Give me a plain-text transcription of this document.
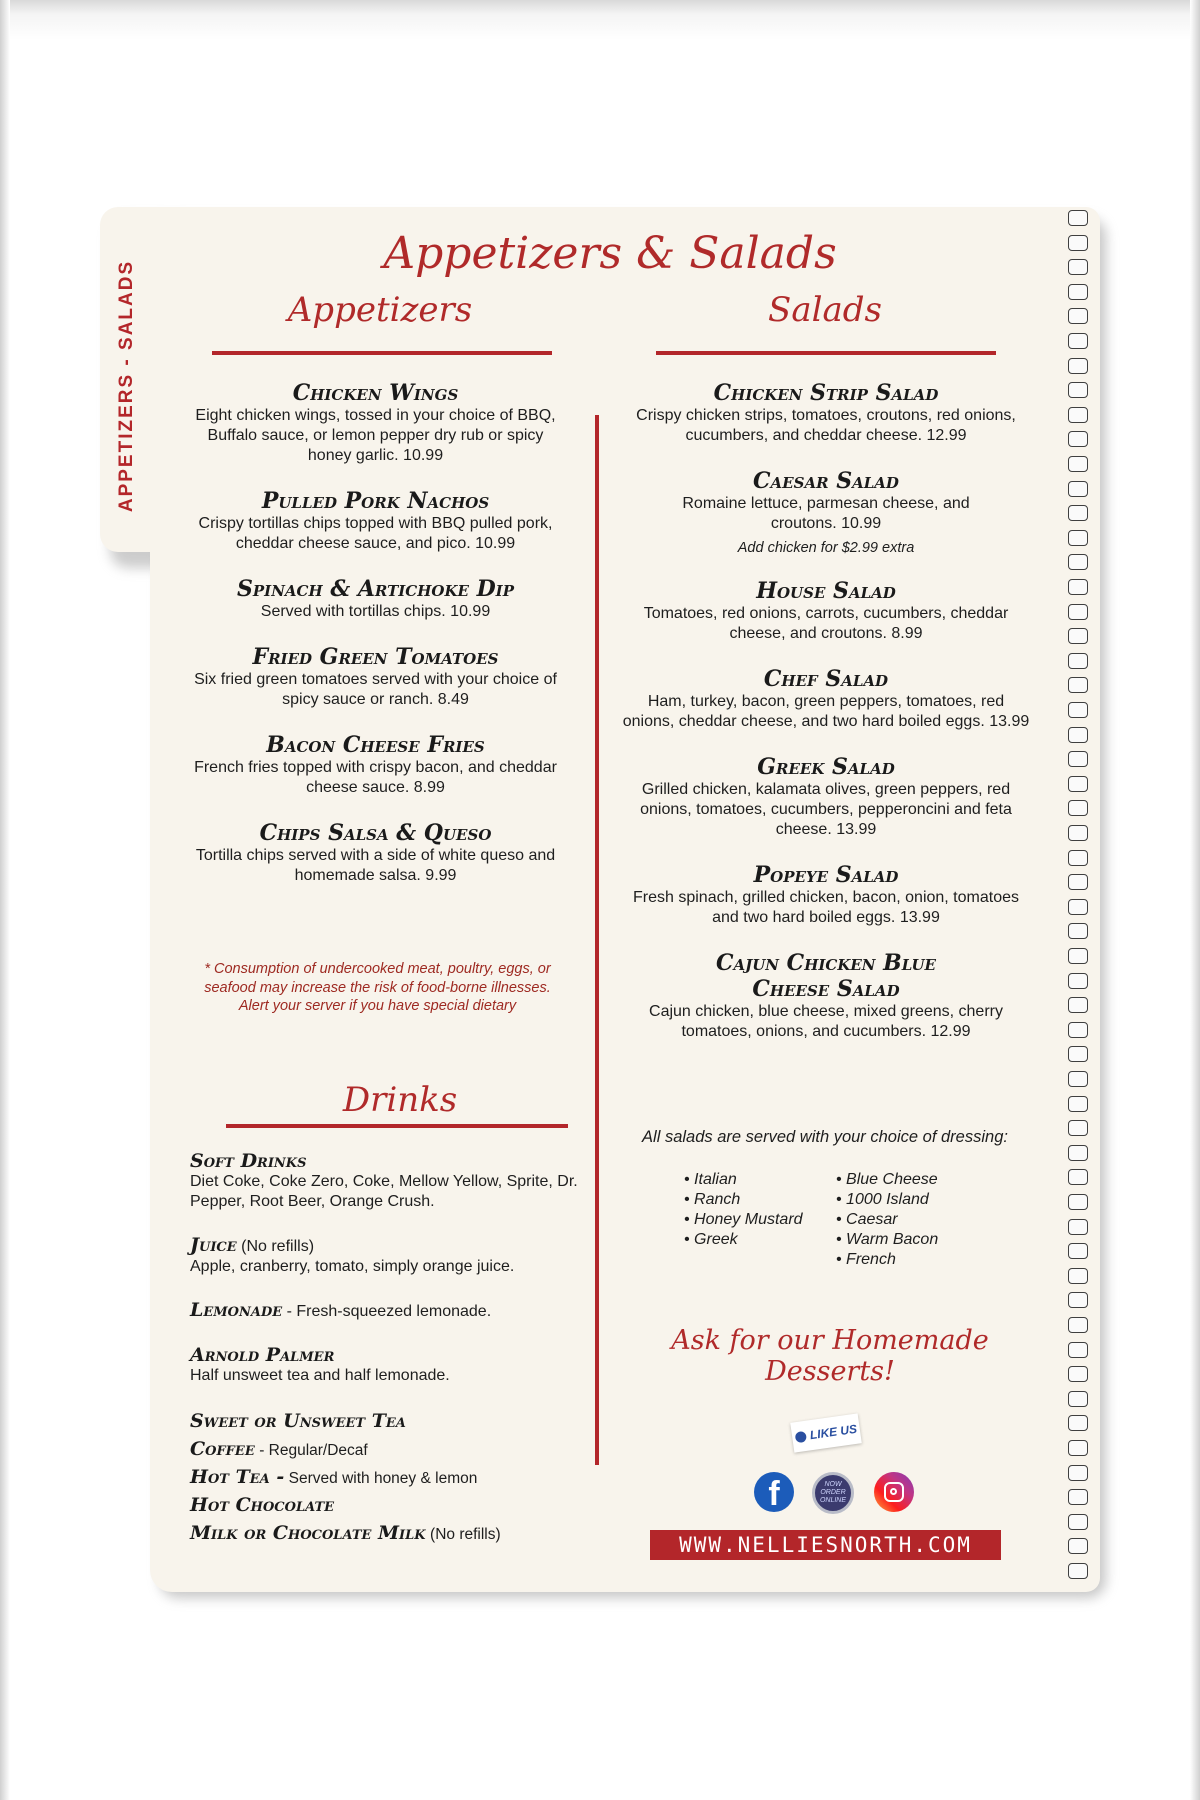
APPETIZERS - SALADS
Appetizers & Salads
Appetizers	Salads
Chicken Wings
Eight chicken wings, tossed in your choice of BBQ, Buffalo sauce, or lemon pepper dry rub or spicy honey garlic. 10.99
Pulled Pork Nachos
Crispy tortillas chips topped with BBQ pulled pork, cheddar cheese sauce, and pico. 10.99
Spinach & Artichoke Dip
Served with tortillas chips. 10.99
Fried Green Tomatoes
Six fried green tomatoes served with your choice of spicy sauce or ranch. 8.49
Bacon Cheese Fries
French fries topped with crispy bacon, and cheddar cheese sauce. 8.99
Chips Salsa & Queso
Tortilla chips served with a side of white queso and homemade salsa. 9.99
* Consumption of undercooked meat, poultry, eggs, or seafood may increase the risk of food-borne illnesses.
Alert your server if you have special dietary
Drinks
Soft Drinks
Diet Coke, Coke Zero, Coke, Mellow Yellow, Sprite, Dr. Pepper, Root Beer, Orange Crush.
Juice (No refills)
Apple, cranberry, tomato, simply orange juice.
Lemonade - Fresh-squeezed lemonade.
Arnold Palmer
Half unsweet tea and half lemonade.
Sweet or Unsweet Tea
Coffee - Regular/Decaf
Hot Tea - Served with honey & lemon
Hot Chocolate
Milk or Chocolate Milk (No refills)
Chicken Strip Salad
Crispy chicken strips, tomatoes, croutons, red onions, cucumbers, and cheddar cheese. 12.99
Caesar Salad
Romaine lettuce, parmesan cheese, and croutons. 10.99
Add chicken for $2.99 extra
House Salad
Tomatoes, red onions, carrots, cucumbers, cheddar cheese, and croutons. 8.99
Chef Salad
Ham, turkey, bacon, green peppers, tomatoes, red onions, cheddar cheese, and two hard boiled eggs. 13.99
Greek Salad
Grilled chicken, kalamata olives, green peppers, red onions, tomatoes, cucumbers, pepperoncini and feta cheese. 13.99
Popeye Salad
Fresh spinach, grilled chicken, bacon, onion, tomatoes and two hard boiled eggs. 13.99
Cajun Chicken Blue Cheese Salad
Cajun chicken, blue cheese, mixed greens, cherry tomatoes, onions, and cucumbers. 12.99
All salads are served with your choice of dressing:
• Italian
• Ranch
• Honey Mustard
• Greek
• Blue Cheese
• 1000 Island
• Caesar
• Warm Bacon
• French
Ask for our Homemade Desserts!
LIKE US
f	NOW ORDER ONLINE
WWW.NELLIESNORTH.COM
